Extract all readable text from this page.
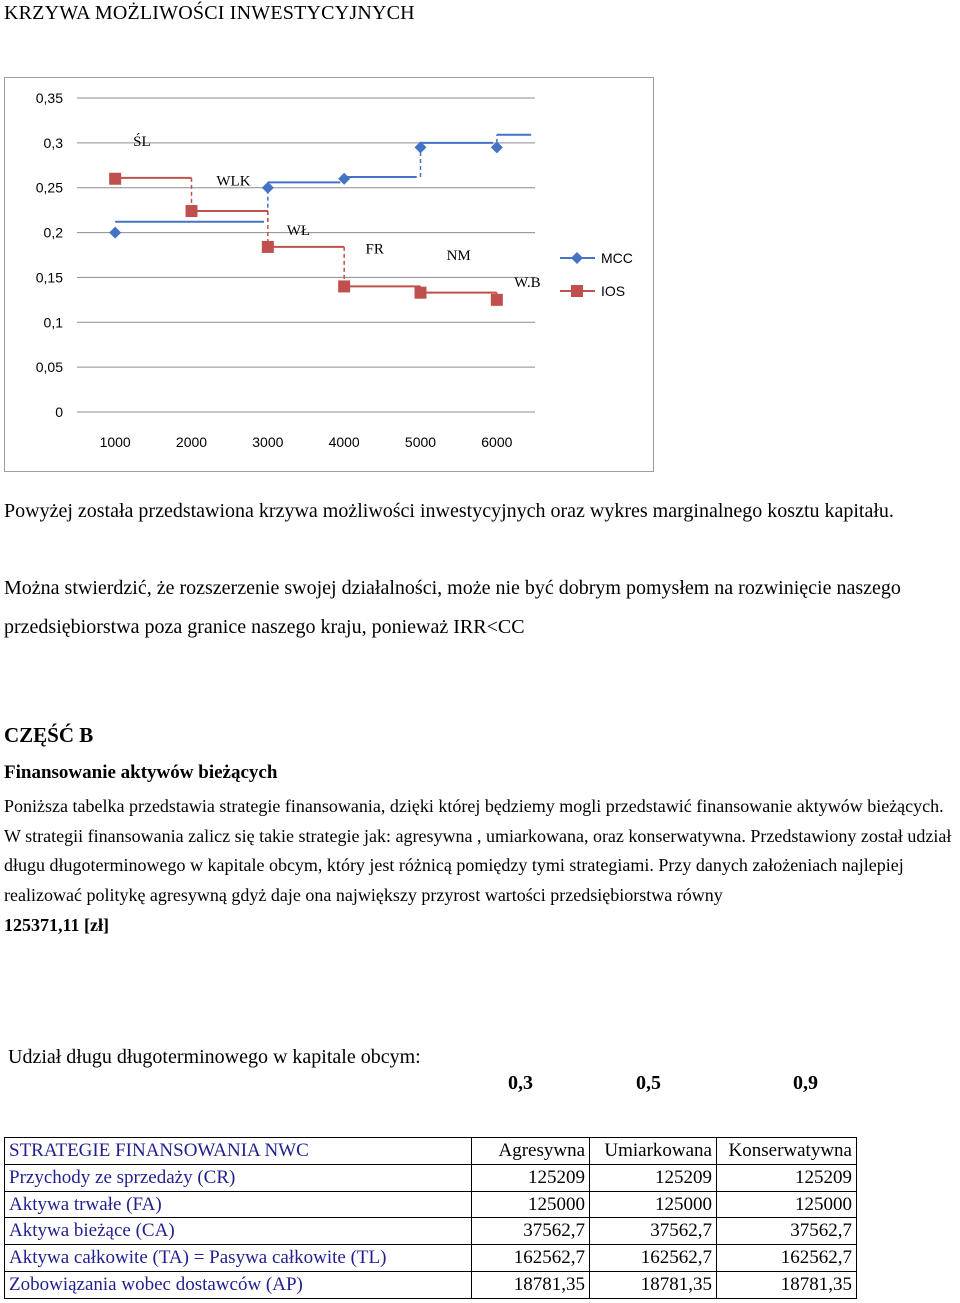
KRZYWA MOŻLIWOŚCI INWESTYCYJNYCH
0
0,05
0,1
0,15
0,2
0,25
0,3
0,35
1000	2000	3000	4000	5000	6000
MCC
IOS
ŚL
WLK
WŁ
FR	NM
W.B
Powyżej została przedstawiona krzywa możliwości inwestycyjnych oraz wykres marginalnego kosztu kapitału.
Można stwierdzić, że rozszerzenie swojej działalności, może nie być dobrym pomysłem na rozwinięcie naszego przedsiębiorstwa poza granice naszego kraju, ponieważ IRR<CC
CZĘŚĆ B
Finansowanie aktywów bieżących
Poniższa tabelka przedstawia strategie finansowania, dzięki której będziemy mogli przedstawić finansowanie aktywów bieżących. W strategii finansowania zalicz się takie strategie jak: agresywna , umiarkowana, oraz konserwatywna. Przedstawiony został udział długu długoterminowego w kapitale obcym, który jest różnicą pomiędzy tymi strategiami. Przy danych założeniach najlepiej realizować politykę agresywną gdyż daje ona największy przyrost wartości przedsiębiorstwa równy
125371,11 [zł]
Udział długu długoterminowego w kapitale obcym:
0,3	0,5	0,9
STRATEGIE FINANSOWANIA NWC	Agresywna	Umiarkowana	Konserwatywna
Przychody ze sprzedaży (CR)	125209	125209	125209
Aktywa trwałe (FA)	125000	125000	125000
Aktywa bieżące (CA)	37562,7	37562,7	37562,7
Aktywa całkowite (TA) = Pasywa całkowite (TL)	162562,7	162562,7	162562,7
Zobowiązania wobec dostawców (AP)	18781,35	18781,35	18781,35
